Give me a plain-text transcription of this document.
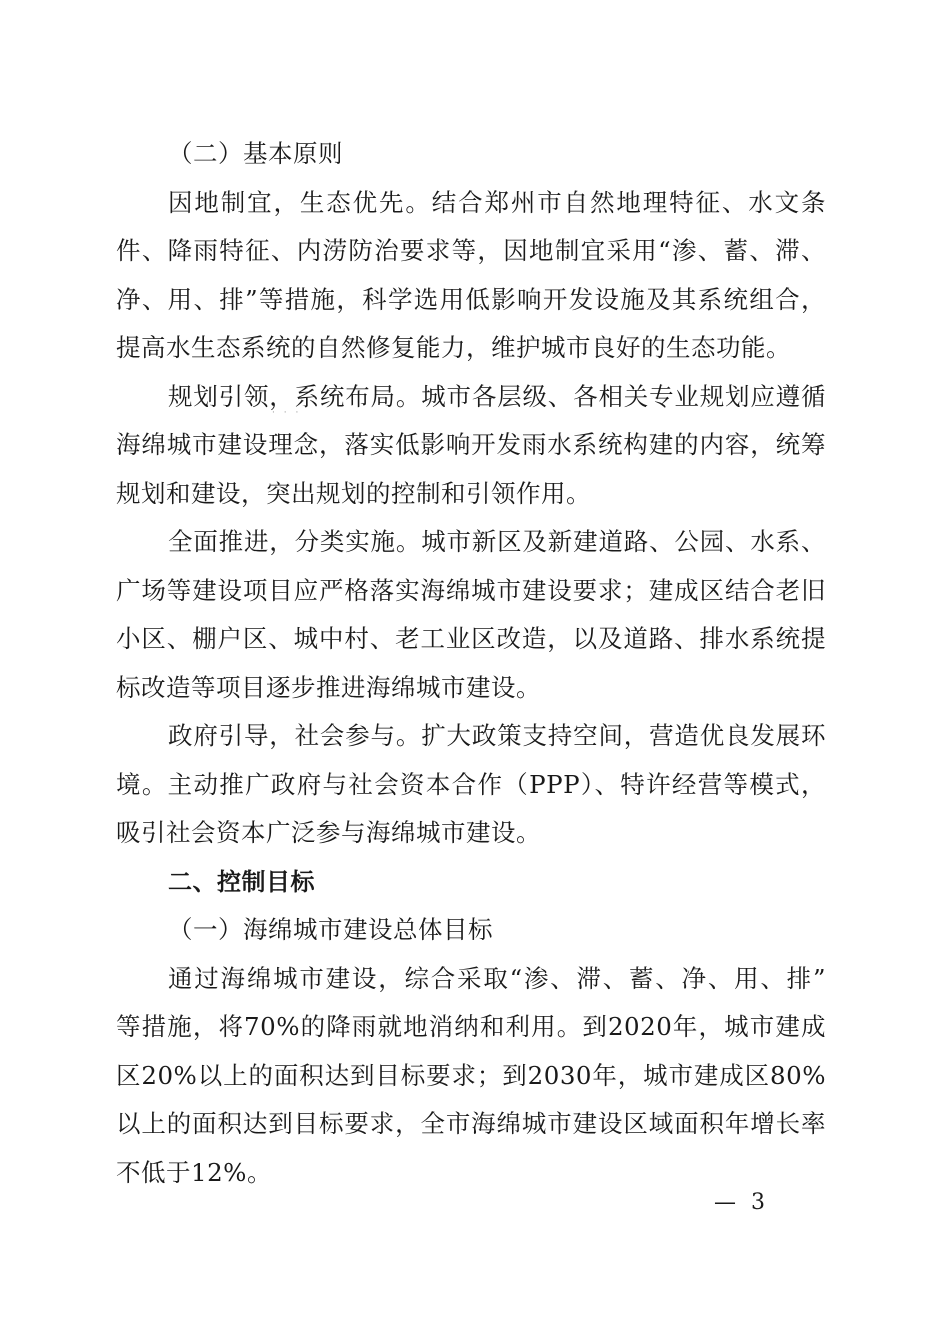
（二）基本原则
因地制宜，生态优先。结合郑州市自然地理特征、水文条
件、降雨特征、内涝防治要求等，因地制宜采用“渗、蓄、滞、
净、用、排”等措施，科学选用低影响开发设施及其系统组合，
提高水生态系统的自然修复能力，维护城市良好的生态功能。
规划引领，系统布局。城市各层级、各相关专业规划应遵循
海绵城市建设理念，落实低影响开发雨水系统构建的内容，统筹
规划和建设，突出规划的控制和引领作用。
全面推进，分类实施。城市新区及新建道路、公园、水系、
广场等建设项目应严格落实海绵城市建设要求；建成区结合老旧
小区、棚户区、城中村、老工业区改造，以及道路、排水系统提
标改造等项目逐步推进海绵城市建设。
政府引导，社会参与。扩大政策支持空间，营造优良发展环
境。主动推广政府与社会资本合作（PPP）、特许经营等模式，
吸引社会资本广泛参与海绵城市建设。
二、控制目标
（一）海绵城市建设总体目标
通过海绵城市建设，综合采取“渗、滞、蓄、净、用、排”
等措施，将70%的降雨就地消纳和利用。到2020年，城市建成
区20%以上的面积达到目标要求；到2030年，城市建成区80%
以上的面积达到目标要求，全市海绵城市建设区域面积年增长率
不低于12%。
· · ·
— 3
